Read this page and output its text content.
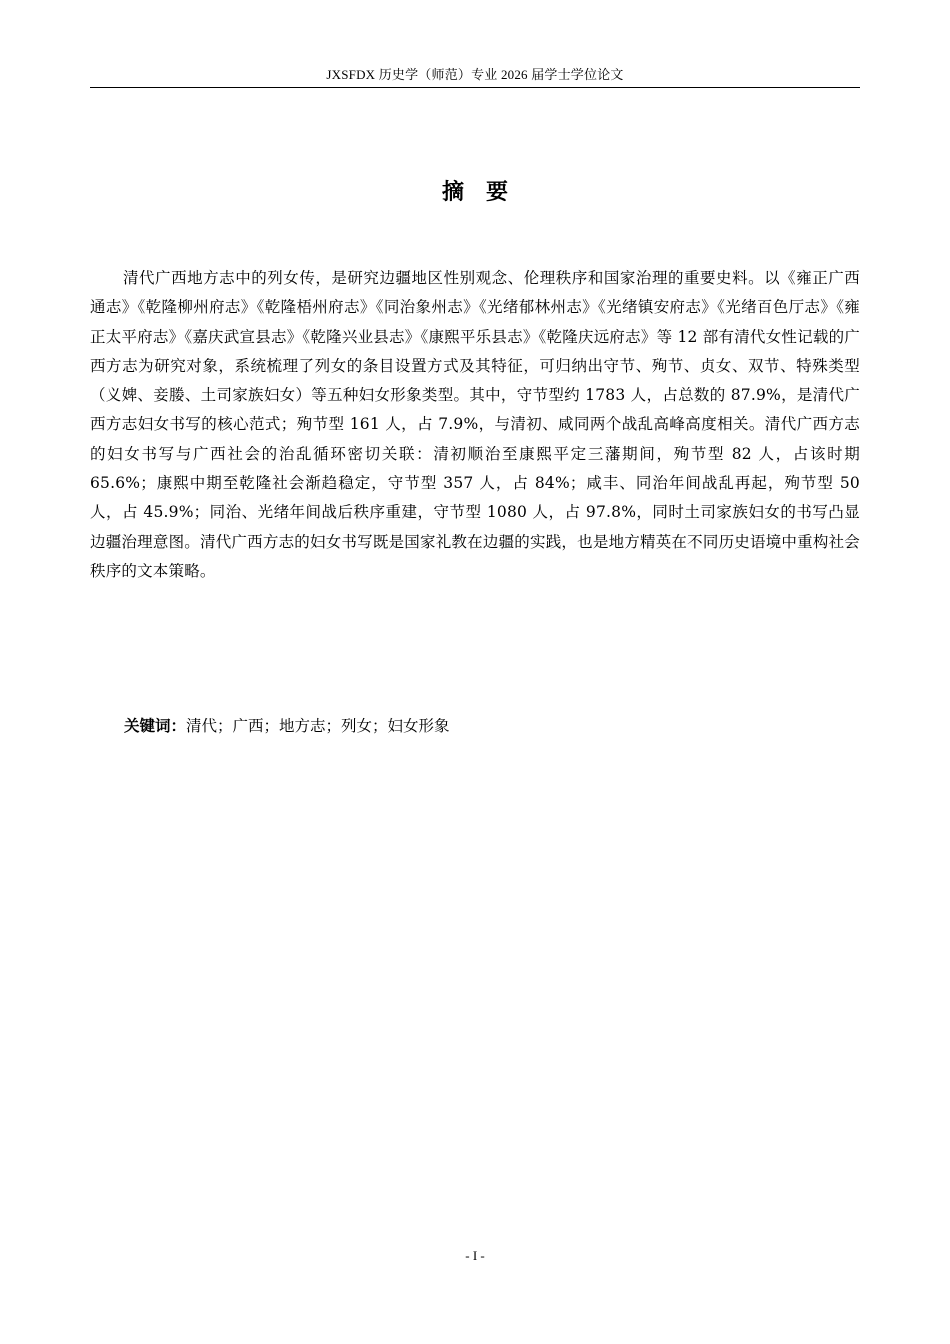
JXSFDX 历史学（师范）专业 2026 届学士学位论文
摘要

清代广西地方志中的列女传，是研究边疆地区性别观念、伦理秩序和国家治理的重要史料。以《雍正广西通志》《乾隆柳州府志》《乾隆梧州府志》《同治象州志》《光绪郁林州志》《光绪镇安府志》《光绪百色厅志》《雍正太平府志》《嘉庆武宣县志》《乾隆兴业县志》《康熙平乐县志》《乾隆庆远府志》等 12 部有清代女性记载的广西方志为研究对象，系统梳理了列女的条目设置方式及其特征，可归纳出守节、殉节、贞女、双节、特殊类型（义婢、妾媵、土司家族妇女）等五种妇女形象类型。其中，守节型约 1783 人，占总数的 87.9%，是清代广西方志妇女书写的核心范式；殉节型 161 人，占 7.9%，与清初、咸同两个战乱高峰高度相关。清代广西方志的妇女书写与广西社会的治乱循环密切关联：清初顺治至康熙平定三藩期间，殉节型 82 人，占该时期 65.6%；康熙中期至乾隆社会渐趋稳定，守节型 357 人，占 84%；咸丰、同治年间战乱再起，殉节型 50 人，占 45.9%；同治、光绪年间战后秩序重建，守节型 1080 人，占 97.8%，同时土司家族妇女的书写凸显边疆治理意图。清代广西方志的妇女书写既是国家礼教在边疆的实践，也是地方精英在不同历史语境中重构社会秩序的文本策略。

关键词：清代；广西；地方志；列女；妇女形象
- I -
